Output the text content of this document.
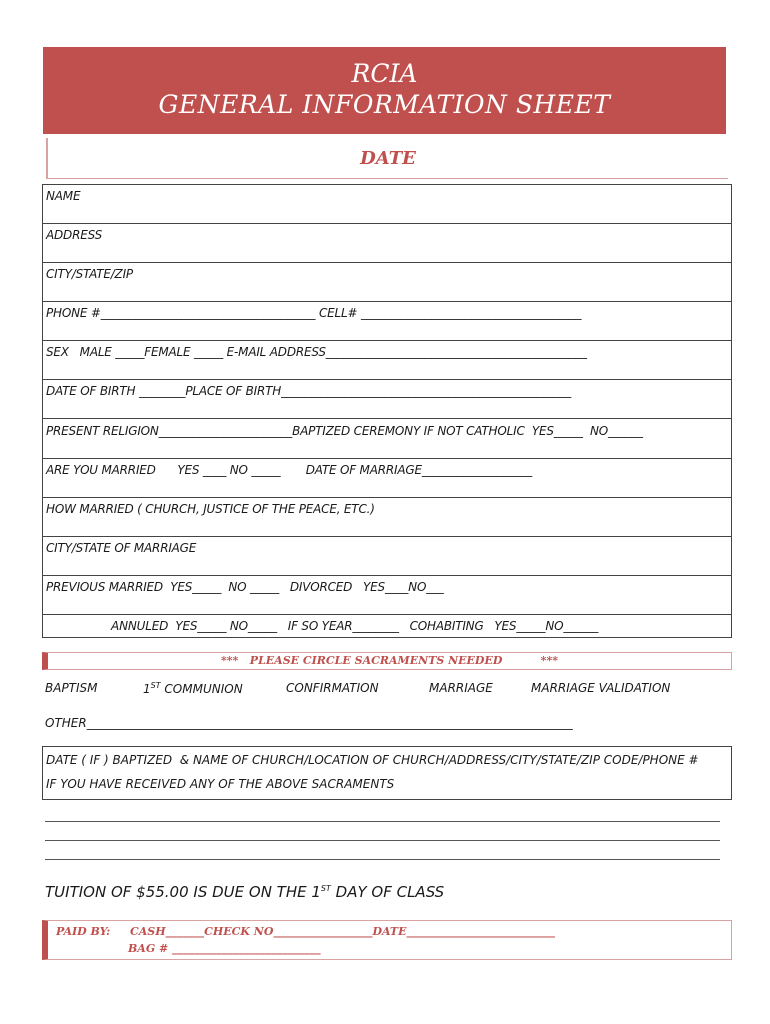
RCIA
GENERAL INFORMATION SHEET
DATE
NAME
ADDRESS
CITY/STATE/ZIP
PHONE #_____________________________________ CELL# ______________________________________
SEX   MALE _____FEMALE _____ E-MAIL ADDRESS_____________________________________________
DATE OF BIRTH ________PLACE OF BIRTH__________________________________________________
PRESENT RELIGION_______________________BAPTIZED CEREMONY IF NOT CATHOLIC  YES_____  NO______
ARE YOU MARRIED      YES ____ NO _____       DATE OF MARRIAGE___________________
HOW MARRIED ( CHURCH, JUSTICE OF THE PEACE, ETC.)
CITY/STATE OF MARRIAGE
PREVIOUS MARRIED  YES_____  NO _____   DIVORCED   YES____NO___
ANNULED  YES_____ NO_____   IF SO YEAR________   COHABITING   YES_____NO______
***   PLEASE CIRCLE SACRAMENTS NEEDED          ***
BAPTISM	1ST COMMUNION	CONFIRMATION	MARRIAGE	MARRIAGE VALIDATION
OTHER_________________________________________________________________________________
DATE ( IF ) BAPTIZED  & NAME OF CHURCH/LOCATION OF CHURCH/ADDRESS/CITY/STATE/ZIP CODE/PHONE #
IF YOU HAVE RECEIVED ANY OF THE ABOVE SACRAMENTS
TUITION OF $55.00 IS DUE ON THE 1ST DAY OF CLASS
PAID BY: CASH_______CHECK NO__________________DATE___________________________
BAG # ___________________________
